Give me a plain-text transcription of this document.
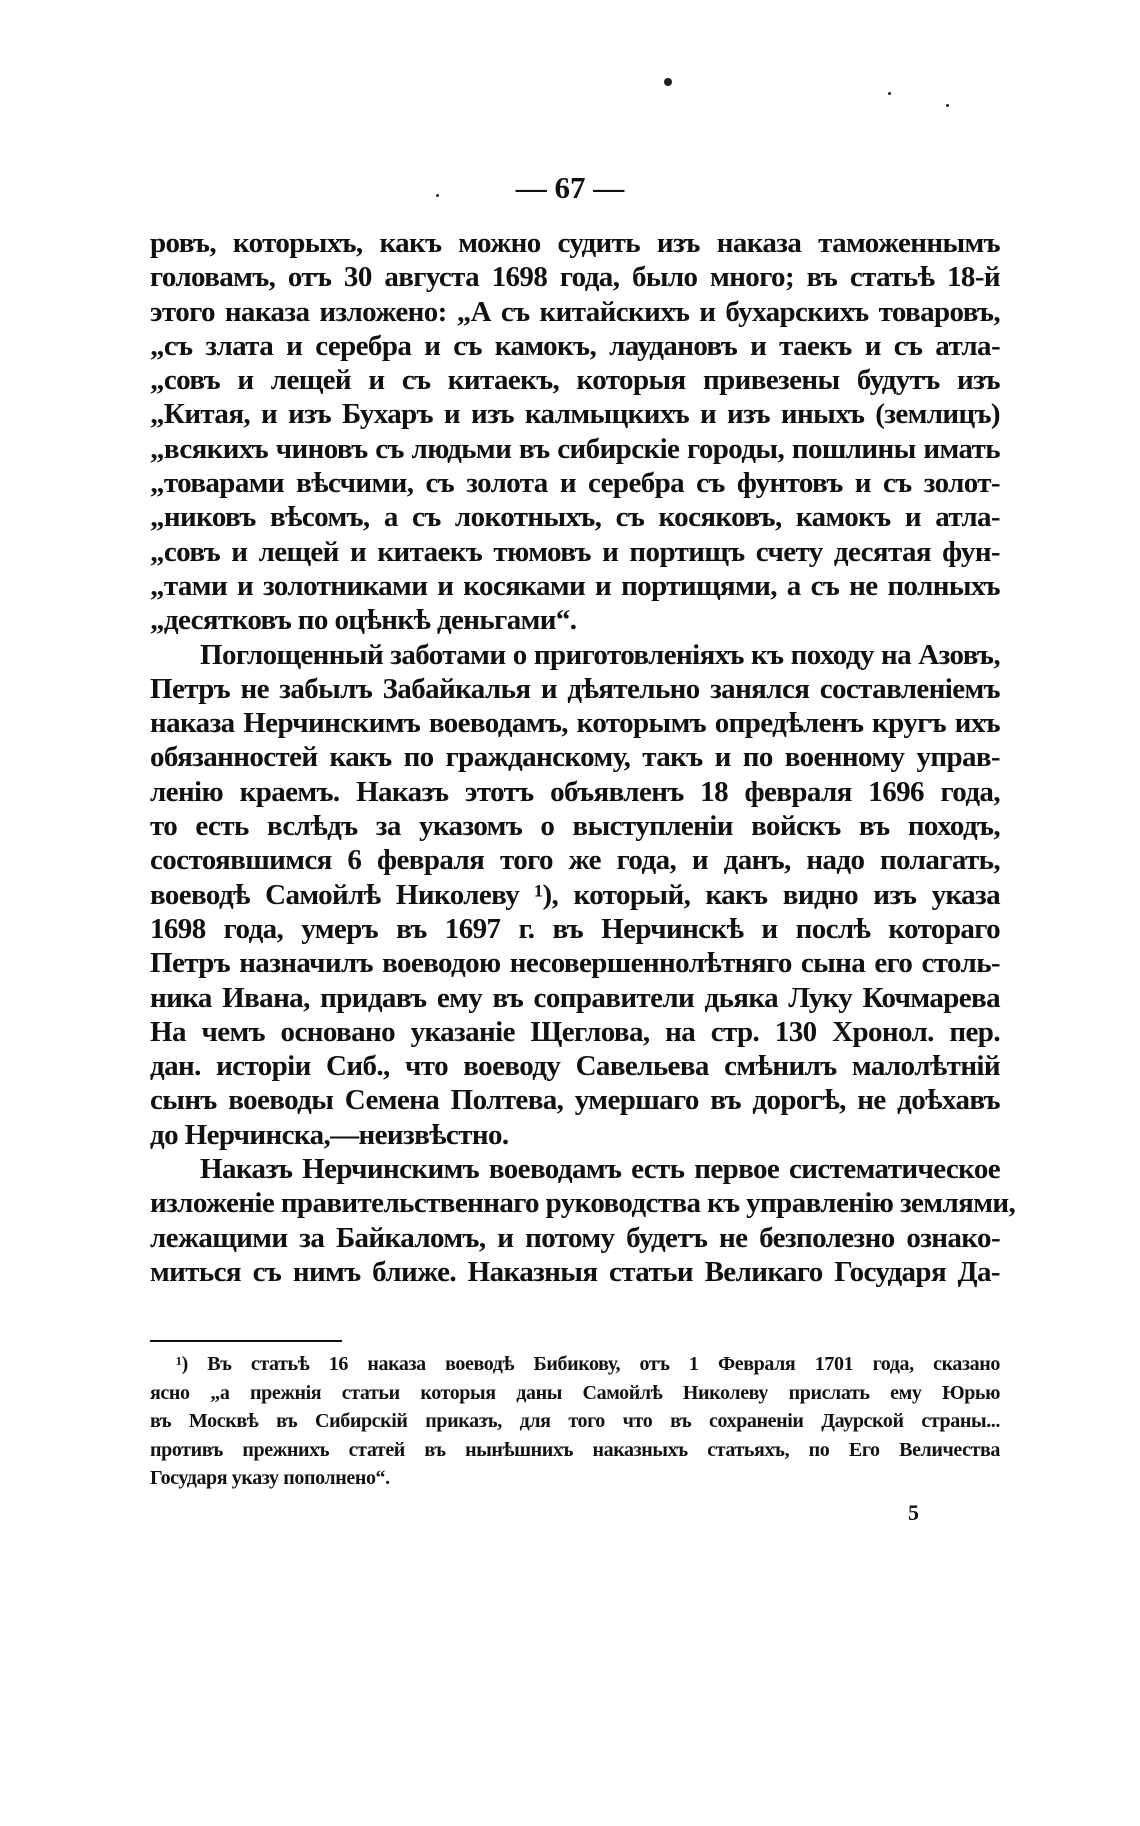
— 67 —
ровъ, которыхъ, какъ можно судить изъ наказа таможеннымъ
головамъ, отъ 30 августа 1698 года, было много; въ статьѣ 18-й
этого наказа изложено: „А съ китайскихъ и бухарскихъ товаровъ,
„съ злата и серебра и съ камокъ, лаудановъ и таекъ и съ атла-
„совъ и лещей и съ китаекъ, которыя привезены будутъ изъ
„Китая, и изъ Бухаръ и изъ калмыцкихъ и изъ иныхъ (землицъ)
„всякихъ чиновъ съ людьми въ сибирскіе городы, пошлины имать
„товарами вѣсчими, съ золота и серебра съ фунтовъ и съ золот-
„никовъ вѣсомъ, а съ локотныхъ, съ косяковъ, камокъ и атла-
„совъ и лещей и китаекъ тюмовъ и портищъ счету десятая фун-
„тами и золотниками и косяками и портищями, а съ не полныхъ
„десятковъ по оцѣнкѣ деньгами“.
Поглощенный заботами о приготовленіяхъ къ походу на Азовъ,
Петръ не забылъ Забайкалья и дѣятельно занялся составленіемъ
наказа Нерчинскимъ воеводамъ, которымъ опредѣленъ кругъ ихъ
обязанностей какъ по гражданскому, такъ и по военному управ-
ленію краемъ. Наказъ этотъ объявленъ 18 февраля 1696 года,
то есть вслѣдъ за указомъ о выступленіи войскъ въ походъ,
состоявшимся 6 февраля того же года, и данъ, надо полагать,
воеводѣ Самойлѣ Николеву ¹), который, какъ видно изъ указа
1698 года, умеръ въ 1697 г. въ Нерчинскѣ и послѣ котораго
Петръ назначилъ воеводою несовершеннолѣтняго сына его столь-
ника Ивана, придавъ ему въ соправители дьяка Луку Кочмарева
На чемъ основано указаніе Щеглова, на стр. 130 Хронол. пер.
дан. исторіи Сиб., что воеводу Савельева смѣнилъ малолѣтній
сынъ воеводы Семена Полтева, умершаго въ дорогѣ, не доѣхавъ
до Нерчинска,—неизвѣстно.
Наказъ Нерчинскимъ воеводамъ есть первое систематическое
изложеніе правительственнаго руководства къ управленію землями,
лежащими за Байкаломъ, и потому будетъ не безполезно ознако-
миться съ нимъ ближе. Наказныя статьи Великаго Государя Да-
¹) Въ статьѣ 16 наказа воеводѣ Бибикову, отъ 1 Февраля 1701 года, сказано
ясно „а прежнія статьи которыя даны Самойлѣ Николеву прислать ему Юрью
въ Москвѣ въ Сибирскій приказъ, для того что въ сохраненіи Даурской страны...
противъ прежнихъ статей въ нынѣшнихъ наказныхъ статьяхъ, по Его Величества
Государя указу пополнено“.
5
